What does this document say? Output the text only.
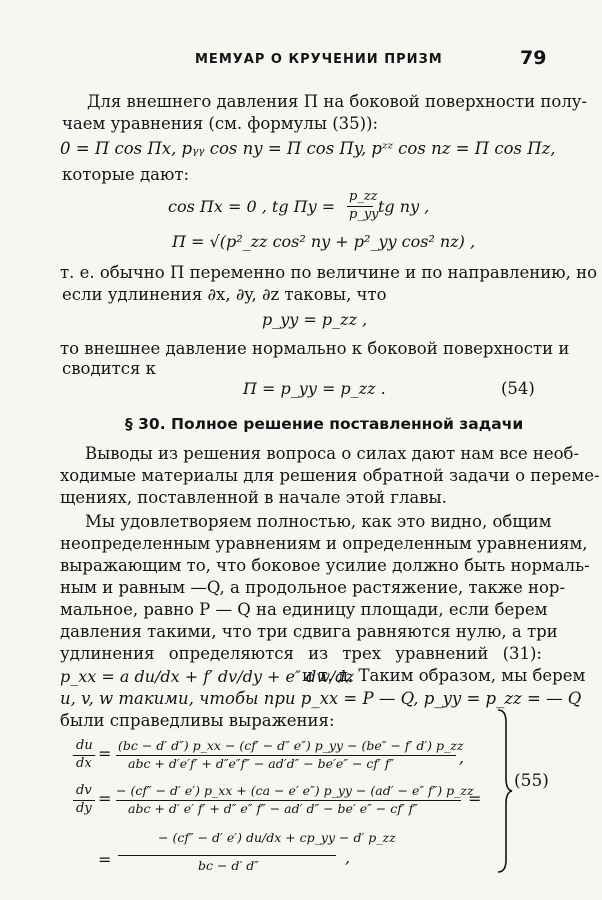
МЕМУАР О КРУЧЕНИИ ПРИЗМ	79
Для внешнего давления Π на боковой поверхности полу-
чаем уравнения (см. формулы (35)):
0 = Π cos Πx, pᵧᵧ cos ny = Π cos Πy, pᶻᶻ cos nz = Π cos Πz,
которые дают:
cos Πx = 0 , tg Πy =
p_zz
p_yy tg ny ,
Π = √(p²_zz cos² ny + p²_yy cos² nz) ,
т. е. обычно Π переменно по величине и по направлению, но
если удлинения ∂x, ∂y, ∂z таковы, что
p_yy = p_zz ,
то внешнее давление нормально к боковой поверхности и
сводится к
Π = p_yy = p_zz .	(54)
§ 30. Полное решение поставленной задачи
Выводы из решения вопроса о силах дают нам все необ-
ходимые материалы для решения обратной задачи о переме-
щениях, поставленной в начале этой главы.
Мы удовлетворяем полностью, как это видно, общим
неопределенным уравнениям и определенным уравнениям,
выражающим то, что боковое усилие должно быть нормаль-
ным и равным —Q, а продольное растяжение, также нор-
мальное, равно P — Q на единицу площади, если берем
давления такими, что три сдвига равняются нулю, а три
удлинения определяются из трех уравнений (31):
p_xx = a du/dx + f′ dv/dy + e″ dw/dz
и т. д. Таким образом, мы берем
u, v, w такими, чтобы при p_xx = P — Q, p_yy = p_zz = — Q
были справедливы выражения:
du
dx
= (bc − d′ d″) p_xx − (cf′ − d″ e″) p_yy − (be″ − f′ d′) p_zz
abc + d′e′f′ + d″e″f″ − ad′d″ − be′e″ − cf′ f″	,
dv
dy
= − (cf″ − d′ e′) p_xx + (ca − e′ e″) p_yy − (ad′ − e″ f″) p_zz
abc + d′ e′ f′ + d″ e″ f″ − ad′ d″ − be′ e″ − cf′ f″
=
=
− (cf″ − d′ e′) du/dx + cp_yy − d′ p_zz
bc − d′ d″	,
(55)
